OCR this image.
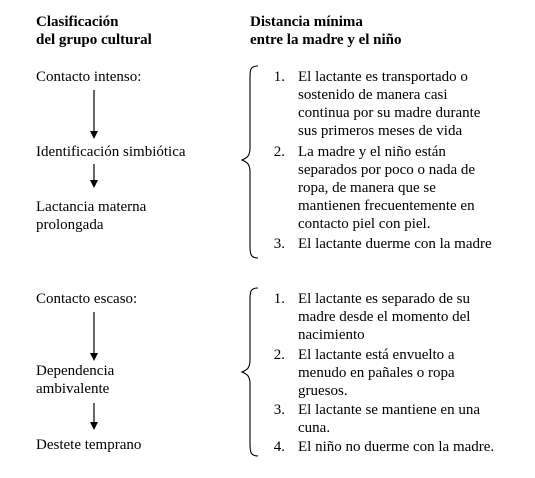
Clasificación
del grupo cultural
Distancia mínima
entre la madre y el niño
Contacto intenso:
Identificación simbiótica
Lactancia materna
prolongada
Contacto escaso:
Dependencia
ambivalente
Destete temprano
1. El lactante es transportado o
sostenido de manera casi
continua por su madre durante
sus primeros meses de vida
2. La madre y el niño están
separados por poco o nada de
ropa, de manera que se
mantienen frecuentemente en
contacto piel con piel.
3. El lactante duerme con la madre
1. El lactante es separado de su
madre desde el momento del
nacimiento
2. El lactante está envuelto a
menudo en pañales o ropa
gruesos.
3. El lactante se mantiene en una
cuna.
4. El niño no duerme con la madre.
